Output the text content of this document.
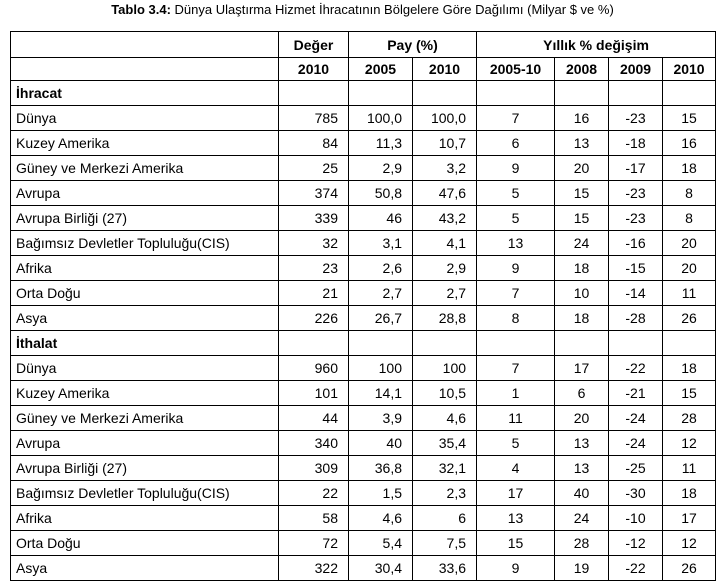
Tablo 3.4: Dünya Ulaştırma Hizmet İhracatının Bölgelere Göre Dağılımı (Milyar $ ve %)
	Değer	Pay (%)		Yıllık % değişim			
	2010	2005	2010	2005-10	2008	2009	2010
İhracat							
Dünya	785	100,0	100,0	7	16	-23	15
Kuzey Amerika	84	11,3	10,7	6	13	-18	16
Güney ve Merkezi Amerika	25	2,9	3,2	9	20	-17	18
Avrupa	374	50,8	47,6	5	15	-23	8
Avrupa Birliği (27)	339	46	43,2	5	15	-23	8
Bağımsız Devletler Topluluğu(CIS)	32	3,1	4,1	13	24	-16	20
Afrika	23	2,6	2,9	9	18	-15	20
Orta Doğu	21	2,7	2,7	7	10	-14	11
Asya	226	26,7	28,8	8	18	-28	26
İthalat							
Dünya	960	100	100	7	17	-22	18
Kuzey Amerika	101	14,1	10,5	1	6	-21	15
Güney ve Merkezi Amerika	44	3,9	4,6	11	20	-24	28
Avrupa	340	40	35,4	5	13	-24	12
Avrupa Birliği (27)	309	36,8	32,1	4	13	-25	11
Bağımsız Devletler Topluluğu(CIS)	22	1,5	2,3	17	40	-30	18
Afrika	58	4,6	6	13	24	-10	17
Orta Doğu	72	5,4	7,5	15	28	-12	12
Asya	322	30,4	33,6	9	19	-22	26
